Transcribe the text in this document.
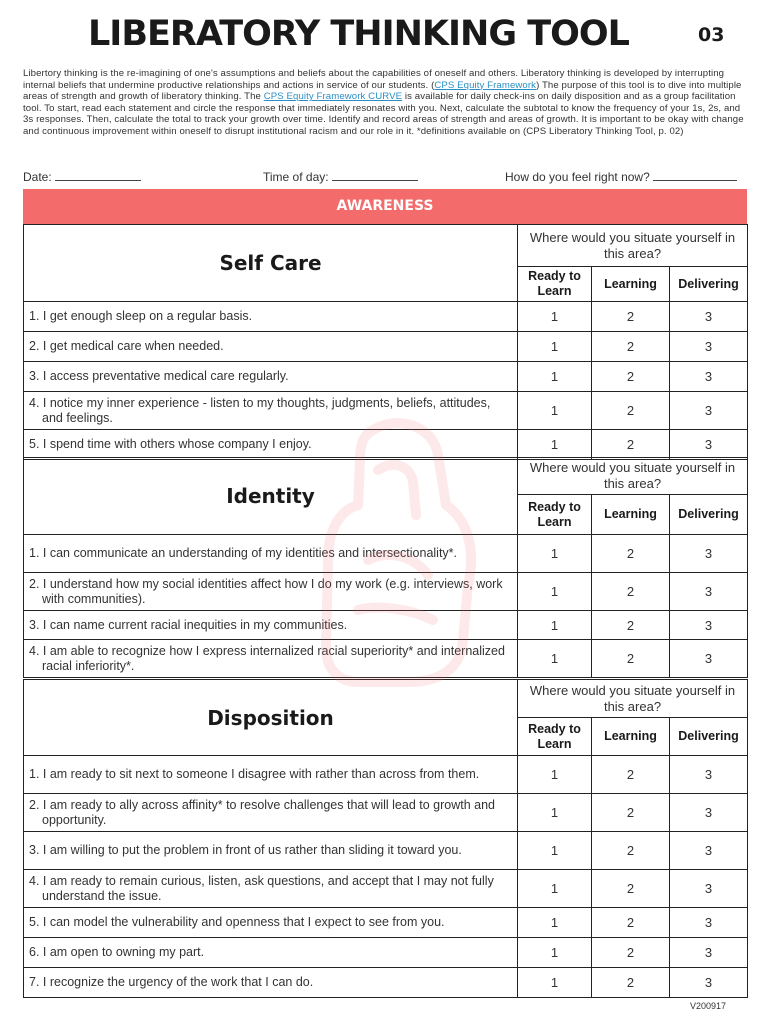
LIBERATORY THINKING TOOL	03
Libertory thinking is the re-imagining of one's assumptions and beliefs about the capabilities of oneself and others. Liberatory thinking is developed by interrupting internal beliefs that undermine productive relationships and actions in service of our students. (CPS Equity Framework) The purpose of this tool is to dive into multiple areas of strength and growth of liberatory thinking. The CPS Equity Framework CURVE is available for daily check-ins on daily disposition and as a group facilitation tool. To start, read each statement and circle the response that immediately resonates with you. Next, calculate the subtotal to know the frequency of your 1s, 2s, and 3s responses. Then, calculate the total to track your growth over time. Identify and record areas of strength and areas of growth. It is important to be okay with change and continuous improvement within oneself to disrupt institutional racism and our role in it. *definitions available on (CPS Liberatory Thinking Tool, p. 02)
Date:	Time of day:	How do you feel right now?
AWARENESS
Self Care	Where would you situate yourself in this area?		
	Ready to
Learn	Learning	Delivering

1. I get enough sleep on a regular basis.	1	2	3

2. I get medical care when needed.	1	2	3

3. I access preventative medical care regularly.	1	2	3

4. I notice my inner experience - listen to my thoughts, judgments, beliefs, attitudes, and feelings.	1	2	3

5. I spend time with others whose company I enjoy.	1	2	3
Identity	Where would you situate yourself in this area?		
	Ready to
Learn	Learning	Delivering

1. I can communicate an understanding of my identities and intersectionality*.	1	2	3

2. I understand how my social identities affect how I do my work (e.g. interviews, work with communities).	1	2	3

3. I can name current racial inequities in my communities.	1	2	3

4. I am able to recognize how I express internalized racial superiority* and internalized racial inferiority*.	1	2	3
Disposition	Where would you situate yourself in this area?		
	Ready to
Learn	Learning	Delivering

1. I am ready to sit next to someone I disagree with rather than across from them.	1	2	3

2. I am ready to ally across affinity* to resolve challenges that will lead to growth and opportunity.	1	2	3

3. I am willing to put the problem in front of us rather than sliding it toward you.	1	2	3

4. I am ready to remain curious, listen, ask questions, and accept that I may not fully understand the issue.	1	2	3

5. I can model the vulnerability and openness that I expect to see from you.	1	2	3

6. I am open to owning my part.	1	2	3

7. I recognize the urgency of the work that I can do.	1	2	3
V200917
